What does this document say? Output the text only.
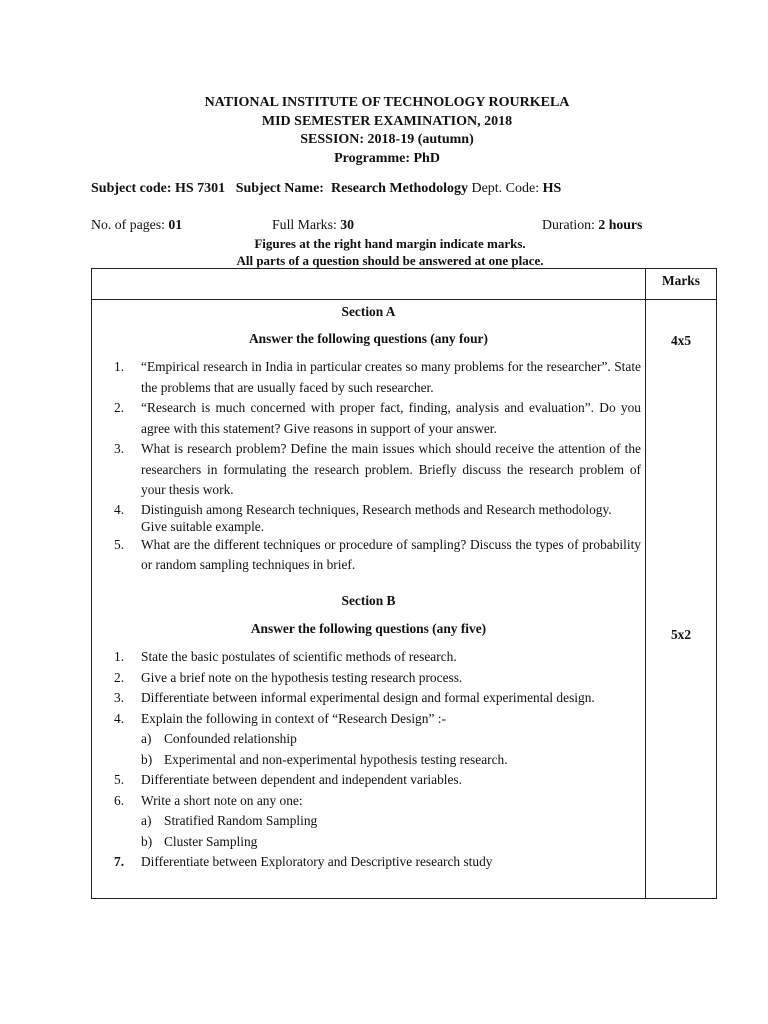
NATIONAL INSTITUTE OF TECHNOLOGY ROURKELA
MID SEMESTER EXAMINATION, 2018
SESSION: 2018-19 (autumn)
Programme: PhD
Subject code: HS 7301 Subject Name: Research Methodology Dept. Code: HS
No. of pages: 01	Full Marks: 30	Duration: 2 hours
Figures at the right hand margin indicate marks.
All parts of a question should be answered at one place.
Marks
Section A
Answer the following questions (any four)	4x5
1. “Empirical research in India in particular creates so many problems for the researcher”. State the problems that are usually faced by such researcher.
2. “Research is much concerned with proper fact, finding, analysis and evaluation”. Do you agree with this statement? Give reasons in support of your answer.
3. What is research problem? Define the main issues which should receive the attention of the researchers in formulating the research problem. Briefly discuss the research problem of your thesis work.
4. Distinguish among Research techniques, Research methods and Research methodology. Give suitable example.
5. What are the different techniques or procedure of sampling? Discuss the types of probability or random sampling techniques in brief.
Section B
Answer the following questions (any five)	5x2
1. State the basic postulates of scientific methods of research.
2. Give a brief note on the hypothesis testing research process.
3. Differentiate between informal experimental design and formal experimental design.
4. Explain the following in context of “Research Design” :-
a) Confounded relationship
b) Experimental and non-experimental hypothesis testing research.
5. Differentiate between dependent and independent variables.
6. Write a short note on any one:
a) Stratified Random Sampling
b) Cluster Sampling
7. Differentiate between Exploratory and Descriptive research study
